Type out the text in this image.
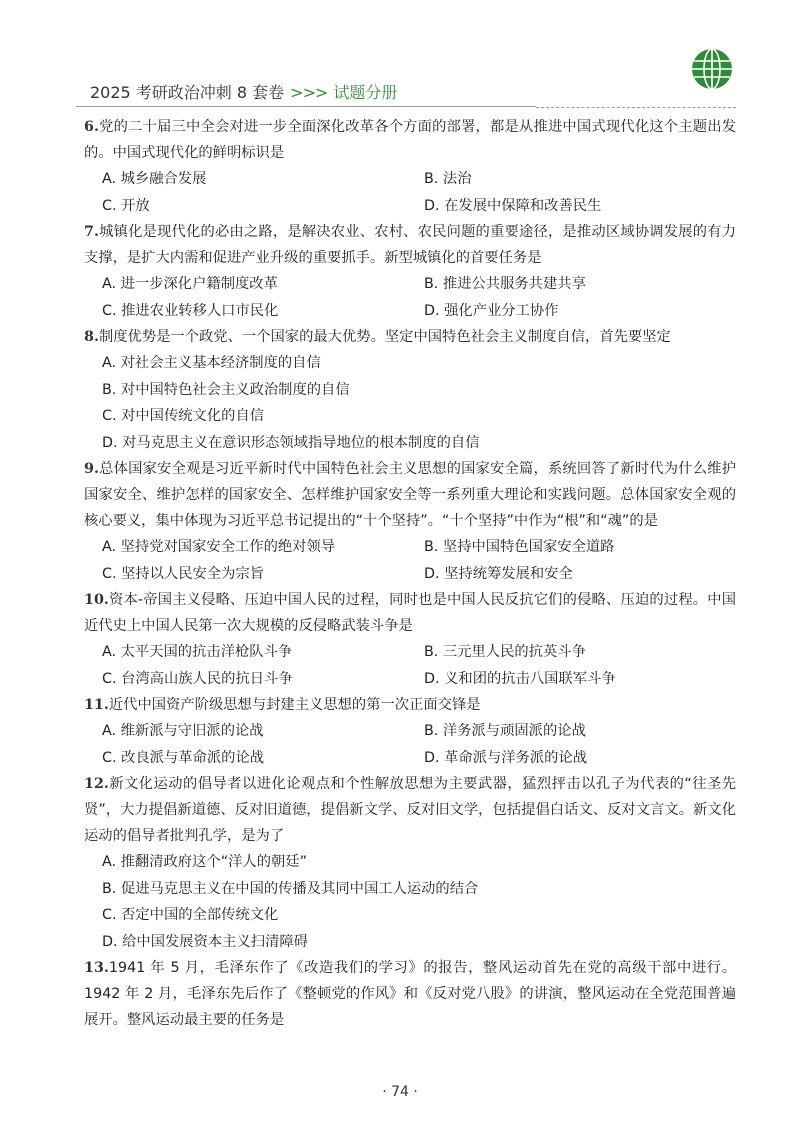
2025 考研政治冲刺 8 套卷 >>> 试题分册
6.党的二十届三中全会对进一步全面深化改革各个方面的部署，都是从推进中国式现代化这个主题出发的。中国式现代化的鲜明标识是
A. 城乡融合发展	B. 法治
C. 开放	D. 在发展中保障和改善民生
7.城镇化是现代化的必由之路，是解决农业、农村、农民问题的重要途径，是推动区域协调发展的有力支撑，是扩大内需和促进产业升级的重要抓手。新型城镇化的首要任务是
A. 进一步深化户籍制度改革	B. 推进公共服务共建共享
C. 推进农业转移人口市民化	D. 强化产业分工协作
8.制度优势是一个政党、一个国家的最大优势。坚定中国特色社会主义制度自信，首先要坚定
A. 对社会主义基本经济制度的自信
B. 对中国特色社会主义政治制度的自信
C. 对中国传统文化的自信
D. 对马克思主义在意识形态领域指导地位的根本制度的自信
9.总体国家安全观是习近平新时代中国特色社会主义思想的国家安全篇，系统回答了新时代为什么维护国家安全、维护怎样的国家安全、怎样维护国家安全等一系列重大理论和实践问题。总体国家安全观的核心要义，集中体现为习近平总书记提出的“十个坚持”。“十个坚持”中作为“根”和“魂”的是
A. 坚持党对国家安全工作的绝对领导	B. 坚持中国特色国家安全道路
C. 坚持以人民安全为宗旨	D. 坚持统筹发展和安全
10.资本-帝国主义侵略、压迫中国人民的过程，同时也是中国人民反抗它们的侵略、压迫的过程。中国近代史上中国人民第一次大规模的反侵略武装斗争是
A. 太平天国的抗击洋枪队斗争	B. 三元里人民的抗英斗争
C. 台湾高山族人民的抗日斗争	D. 义和团的抗击八国联军斗争
11.近代中国资产阶级思想与封建主义思想的第一次正面交锋是
A. 维新派与守旧派的论战	B. 洋务派与顽固派的论战
C. 改良派与革命派的论战	D. 革命派与洋务派的论战
12.新文化运动的倡导者以进化论观点和个性解放思想为主要武器，猛烈抨击以孔子为代表的“往圣先贤”，大力提倡新道德、反对旧道德，提倡新文学、反对旧文学，包括提倡白话文、反对文言文。新文化运动的倡导者批判孔学，是为了
A. 推翻清政府这个“洋人的朝廷”
B. 促进马克思主义在中国的传播及其同中国工人运动的结合
C. 否定中国的全部传统文化
D. 给中国发展资本主义扫清障碍
13.1941 年 5 月，毛泽东作了《改造我们的学习》的报告，整风运动首先在党的高级干部中进行。1942 年 2 月，毛泽东先后作了《整顿党的作风》和《反对党八股》的讲演，整风运动在全党范围普遍展开。整风运动最主要的任务是
· 74 ·
